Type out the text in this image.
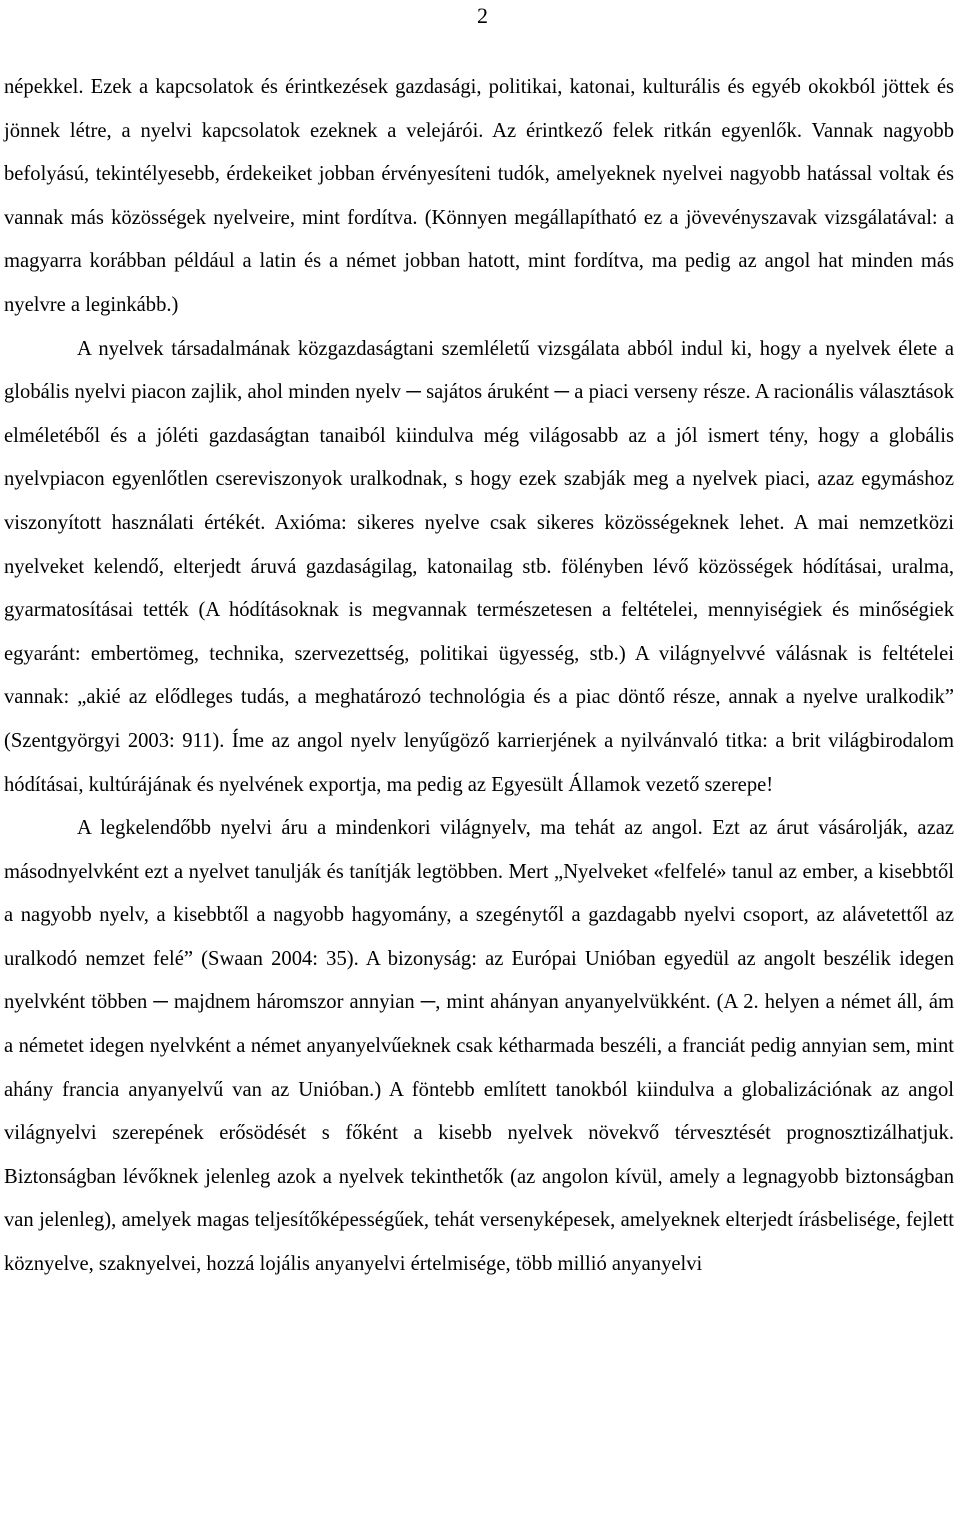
2

népekkel. Ezek a kapcsolatok és érintkezések gazdasági, politikai, katonai, kulturális és egyéb okokból jöttek és jönnek létre, a nyelvi kapcsolatok ezeknek a velejárói. Az érintkező felek ritkán egyenlők. Vannak nagyobb befolyású, tekintélyesebb, érdekeiket jobban érvényesíteni tudók, amelyeknek nyelvei nagyobb hatással voltak és vannak más közösségek nyelveire, mint fordítva. (Könnyen megállapítható ez a jövevényszavak vizsgálatával: a magyarra korábban például a latin és a német jobban hatott, mint fordítva, ma pedig az angol hat minden más nyelvre a leginkább.)

A nyelvek társadalmának közgazdaságtani szemléletű vizsgálata abból indul ki, hogy a nyelvek élete a globális nyelvi piacon zajlik, ahol minden nyelv ─ sajátos áruként ─ a piaci verseny része. A racionális választások elméletéből és a jóléti gazdaságtan tanaiból kiindulva még világosabb az a jól ismert tény, hogy a globális nyelvpiacon egyenlőtlen csereviszonyok uralkodnak, s hogy ezek szabják meg a nyelvek piaci, azaz egymáshoz viszonyított használati értékét. Axióma: sikeres nyelve csak sikeres közösségeknek lehet. A mai nemzetközi nyelveket kelendő, elterjedt áruvá gazdaságilag, katonailag stb. fölényben lévő közösségek hódításai, uralma, gyarmatosításai tették (A hódításoknak is megvannak természetesen a feltételei, mennyiségiek és minőségiek egyaránt: embertömeg, technika, szervezettség, politikai ügyesség, stb.) A világnyelvvé válásnak is feltételei vannak: „akié az elődleges tudás, a meghatározó technológia és a piac döntő része, annak a nyelve uralkodik” (Szentgyörgyi 2003: 911). Íme az angol nyelv lenyűgöző karrierjének a nyilvánvaló titka: a brit világbirodalom hódításai, kultúrájának és nyelvének exportja, ma pedig az Egyesült Államok vezető szerepe!

A legkelendőbb nyelvi áru a mindenkori világnyelv, ma tehát az angol. Ezt az árut vásárolják, azaz másodnyelvként ezt a nyelvet tanulják és tanítják legtöbben. Mert „Nyelveket «felfelé» tanul az ember, a kisebbtől a nagyobb nyelv, a kisebbtől a nagyobb hagyomány, a szegénytől a gazdagabb nyelvi csoport, az alávetettől az uralkodó nemzet felé” (Swaan 2004: 35). A bizonyság: az Európai Unióban egyedül az angolt beszélik idegen nyelvként többen ─ majdnem háromszor annyian ─, mint ahányan anyanyelvükként. (A 2. helyen a német áll, ám a németet idegen nyelvként a német anyanyelvűeknek csak kétharmada beszéli, a franciát pedig annyian sem, mint ahány francia anyanyelvű van az Unióban.) A föntebb említett tanokból kiindulva a globalizációnak az angol világnyelvi szerepének erősödését s főként a kisebb nyelvek növekvő térvesztését prognosztizálhatjuk. Biztonságban lévőknek jelenleg azok a nyelvek tekinthetők (az angolon kívül, amely a legnagyobb biztonságban van jelenleg), amelyek magas teljesítőképességűek, tehát versenyképesek, amelyeknek elterjedt írásbelisége, fejlett köznyelve, szaknyelvei, hozzá lojális anyanyelvi értelmisége, több millió anyanyelvi
